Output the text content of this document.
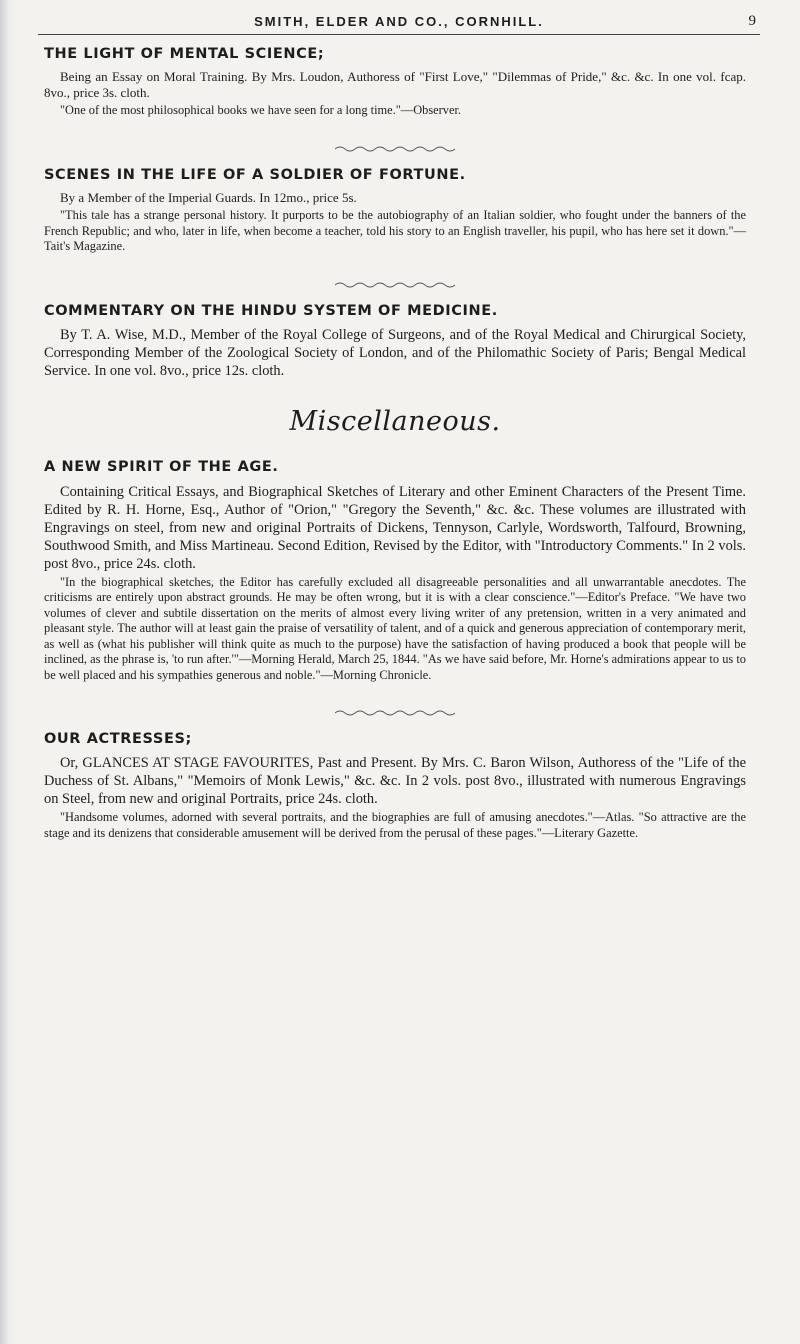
SMITH, ELDER AND CO., CORNHILL.	9

THE LIGHT OF MENTAL SCIENCE;

Being an Essay on Moral Training. By Mrs. Loudon, Authoress of "First Love," "Dilemmas of Pride," &c. &c. In one vol. fcap. 8vo., price 3s. cloth.

"One of the most philosophical books we have seen for a long time."—Observer.

SCENES IN THE LIFE OF A SOLDIER OF FORTUNE.

By a Member of the Imperial Guards. In 12mo., price 5s.

"This tale has a strange personal history. It purports to be the autobiography of an Italian soldier, who fought under the banners of the French Republic; and who, later in life, when become a teacher, told his story to an English traveller, his pupil, who has here set it down."—Tait's Magazine.

COMMENTARY ON THE HINDU SYSTEM OF MEDICINE.

By T. A. Wise, M.D., Member of the Royal College of Surgeons, and of the Royal Medical and Chirurgical Society, Corresponding Member of the Zoological Society of London, and of the Philomathic Society of Paris; Bengal Medical Service. In one vol. 8vo., price 12s. cloth.

Miscellaneous.

A NEW SPIRIT OF THE AGE.

Containing Critical Essays, and Biographical Sketches of Literary and other Eminent Characters of the Present Time. Edited by R. H. Horne, Esq., Author of "Orion," "Gregory the Seventh," &c. &c. These volumes are illustrated with Engravings on steel, from new and original Portraits of Dickens, Tennyson, Carlyle, Wordsworth, Talfourd, Browning, Southwood Smith, and Miss Martineau. Second Edition, Revised by the Editor, with "Introductory Comments." In 2 vols. post 8vo., price 24s. cloth.

"In the biographical sketches, the Editor has carefully excluded all disagreeable personalities and all unwarrantable anecdotes. The criticisms are entirely upon abstract grounds. He may be often wrong, but it is with a clear conscience."—Editor's Preface. "We have two volumes of clever and subtile dissertation on the merits of almost every living writer of any pretension, written in a very animated and pleasant style. The author will at least gain the praise of versatility of talent, and of a quick and generous appreciation of contemporary merit, as well as (what his publisher will think quite as much to the purpose) have the satisfaction of having produced a book that people will be inclined, as the phrase is, 'to run after.'"—Morning Herald, March 25, 1844. "As we have said before, Mr. Horne's admirations appear to us to be well placed and his sympathies generous and noble."—Morning Chronicle.

OUR ACTRESSES;

Or, GLANCES AT STAGE FAVOURITES, Past and Present. By Mrs. C. Baron Wilson, Authoress of the "Life of the Duchess of St. Albans," "Memoirs of Monk Lewis," &c. &c. In 2 vols. post 8vo., illustrated with numerous Engravings on Steel, from new and original Portraits, price 24s. cloth.

"Handsome volumes, adorned with several portraits, and the biographies are full of amusing anecdotes."—Atlas. "So attractive are the stage and its denizens that considerable amusement will be derived from the perusal of these pages."—Literary Gazette.
